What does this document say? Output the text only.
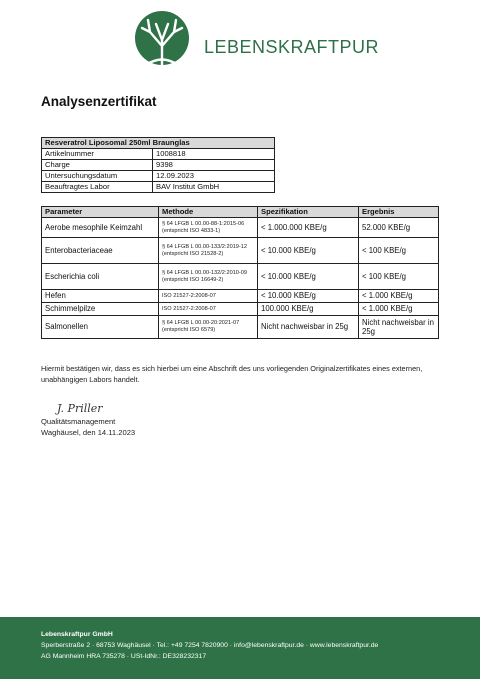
LEBENSKRAFTPUR
Analysenzertifikat
Resveratrol Liposomal 250ml Braunglas	
Artikelnummer	1008818
Charge	9398
Untersuchungsdatum	12.09.2023
Beauftragtes Labor	BAV Institut GmbH
Parameter	Methode	Spezifikation	Ergebnis
Aerobe mesophile Keimzahl	§ 64 LFGB L 00.00-88-1:2015-06 (entspricht ISO 4833-1)	< 1.000.000 KBE/g	52.000 KBE/g
Enterobacteriaceae	§ 64 LFGB L 00.00-133/2:2019-12 (entspricht ISO 21528-2)	< 10.000 KBE/g	< 100 KBE/g
Escherichia coli	§ 64 LFGB L 00.00-132/2:2010-09 (entspricht ISO 16649-2)	< 10.000 KBE/g	< 100 KBE/g
Hefen	ISO 21527-2:2008-07	< 10.000 KBE/g	< 1.000 KBE/g
Schimmelpilze	ISO 21527-2:2008-07	100.000 KBE/g	< 1.000 KBE/g
Salmonellen	§ 64 LFGB L 00.00-20:2021-07 (entspricht ISO 6579)	Nicht nachweisbar in 25g	Nicht nachweisbar in 25g
Hiermit bestätigen wir, dass es sich hierbei um eine Abschrift des uns vorliegenden Originalzertifikates eines externen, unabhängigen Labors handelt.
J. Priller
Qualitätsmanagement
Waghäusel, den 14.11.2023
Lebenskraftpur GmbH
Sperberstraße 2 · 68753 Waghäusel · Tel.: +49 7254 7820900 · info@lebenskraftpur.de · www.lebenskraftpur.de
AG Mannheim HRA 735278 · USt-IdNr.: DE328232317
